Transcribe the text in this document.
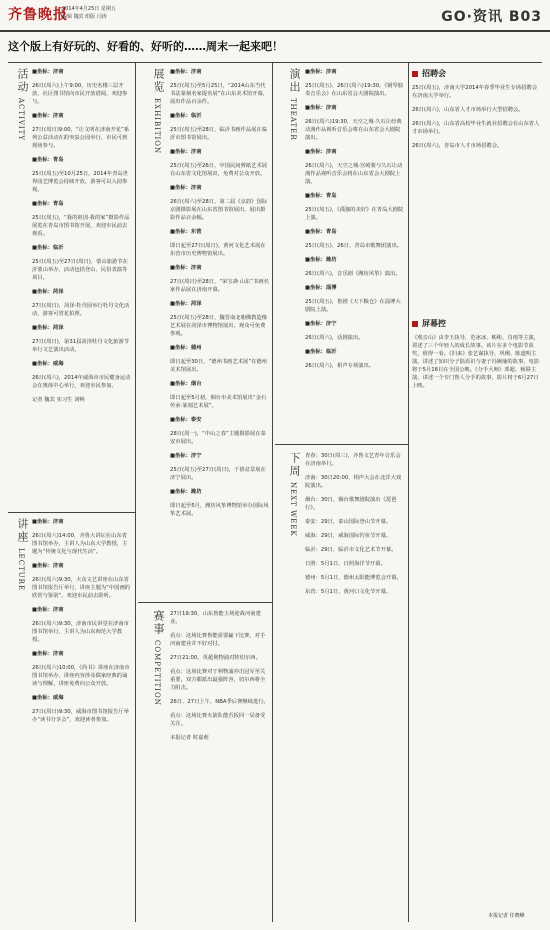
齐鲁晚报
2014年4月25日 星期五
编辑 魏宾 组版 闫涛	GO·资讯 B03
这个版上有好玩的、好看的、好听的……周末一起来吧！
活动
ACTIVITY

■坐标：济南

26日(周六)上午9:00，历史名楼三层开放，社区图书馆向市民开放借阅，欢迎参与。

■坐标：济南

27日(周日)9:00，“让文明在济南开花”系列公益活动在趵突泉公园举行，市民可到现场参与。

■坐标：青岛

25日(周五)至10月25日，2014年青岛世界园艺博览会持续开放，游客可以入园参观。

■坐标：青岛

25日(周五)，“我的祖国·我的家”摄影作品展览在青岛市图书馆开展，欢迎市民前去观看。

■坐标：临沂

25日(周五)至27日(周日)，蒙山旅游节在沂蒙山举办，活动包括登山、民俗表演等项目。

■坐标：菏泽

27日(周日)，菏泽·牡丹园举行牡丹文化活动，游客可赏花拍照。

■坐标：菏泽

27日(周日)，第31届菏泽牡丹文化旅游节举行文艺演出活动。

■坐标：威海

26日(周六)，2014年威海市市民健身运动会在奥体中心举行，欢迎市民参加。

记者 魏宾 实习生 刘畅

讲座
LECTURE

■坐标：济南

26日(周六)14:00，齐鲁大讲坛在山东省图书馆举办，主讲人为山东大学教授，主题为“传统文化与现代生活”。

■坐标：济南

26日(周六)9:30，大众文艺讲座在山东省图书馆报告厅举行，讲座主题为“中国画的欣赏与鉴别”，欢迎市民前去聆听。

■坐标：济南

26日(周六)9:30，济南市民讲堂在济南市图书馆举行，主讲人为山东师范大学教授。

■坐标：济南

26日(周六)10:00，《尚书》讲座在济南市图书馆举办，讲座内容涉及儒家经典的诵读与理解，讲座免费向公众开放。

■坐标：威海

27日(周日)9:30，威海市图书馆报告厅举办“读书分享会”，欢迎读者参加。

展览
EXHIBITION

■坐标：济南

25日(周五)至5月25日，“2014山东当代书法篆刻名家提名展”在山东美术馆开幕，展出作品百余件。

■坐标：临沂

25日(周五)至28日，临沂书画作品展在临沂市图书馆展出。

■坐标：济南

25日(周五)至26日，中国民间剪纸艺术展在山东省文化馆展出，免费对公众开放。

■坐标：济南

26日(周六)至28日，第二届《京韵》国际京剧摄影展在山东省图书馆展出，展出摄影作品百余幅。

■坐标：东营

即日起至27日(周日)，黄河文化艺术展在东营市历史博物馆展出。

■坐标：济南

27日(周日)至28日，“荣宝斋·山东”书画名家作品展在济南开幕。

■坐标：菏泽

25日(周五)至28日，魏晋南北朝佛教造像艺术展在菏泽市博物馆展出，观众可免费参观。

■坐标：德州

即日起至30日，“德州书画艺术展”在德州美术馆展出。

■坐标：烟台

即日起至5月初，烟台市美术馆展出“金石传承·篆刻艺术展”。

■坐标：泰安

28日(周一)，“中山之春”主题摄影展在泰安市展出。

■坐标：济宁

25日(周五)至27日(周日)，千禧盆景展在济宁展出。

■坐标：潍坊

即日起至5月，潍坊风筝博物馆举办国际风筝艺术展。

赛事
COMPETITION

27日19:30，山东鲁能主场迎战河南建业。

看点：这场比赛鲁能需要赢下比赛，对手河南建业并不好对付。

27日21:00，英超利物浦对阵切尔西。

看点：这场比赛对于利物浦冲击冠军至关重要，双方都派出最强阵容，切尔西将全力阻击。

26日、27日上午，NBA季后赛继续进行。

看点：这场比赛火箭队能否扳回一局备受关注。

本报记者 时嘉莉

演出
THEATER

■坐标：济南

25日(周五)、26日(周六)19:30，《钢琴独奏音乐会》在山东省会大剧院演出。

■坐标：济南

26日(周六)19:30，天空之城·久石让经典动漫作品视听音乐会将在山东省会大剧院演出。

■坐标：济南

26日(周六)，天空之城·宫崎骏与久石让动漫作品视听音乐会将在山东省会大剧院上演。

■坐标：青岛

25日(周五)，《孤独的美好》在青岛大剧院上演。

■坐标：青岛

25日(周五)、26日，青岛市歌舞团演出。

■坐标：潍坊

26日(周六)，音乐剧《潍坊风筝》演出。

■坐标：淄博

25日(周五)，鲁剧《天下粮仓》在淄博大剧院上演。

■坐标：济宁

26日(周六)，话剧演出。

■坐标：临沂

26日(周六)，相声专场演出。

下周
NEXT WEEK

青春：30日(周三)，齐鲁文艺青年音乐会在济南举行。

济南：30日20:00，相声大会在北洋大戏院演出。

烟台：30日，烟台歌舞剧院演出《琵琶行》。

泰安：29日，泰山国际登山节开幕。

威海：29日，威海国际钓鱼节开幕。

临沂：29日，临沂市文化艺术节开幕。

日照：5月1日，日照海洋节开幕。

德州：5月1日，德州太阳能博览会开幕。

东营：5月1日，黄河口文化节开幕。

招聘会

25日(周五)，济南大学2014年春季毕业生专场招聘会在济南大学举行。

26日(周六)，山东省人才市场举行大型招聘会。

26日(周六)，山东省高校毕业生就业招聘会在山东省人才市场举行。

26日(周六)，青岛市人才市场招聘会。

屏幕控

《观音山》由李玉执导，范冰冰、彬彬、肖雨等主演，讲述了三个年轻人的成长故事。该片在多个电影节获奖，值得一看。《归来》张艺谋执导，巩俐、陈道明主演，讲述了知识分子陆焉识与妻子冯婉瑜的故事，电影将于5月16日在全国公映。《分手大师》邓超、杨幂主演，讲述一个专门帮人分手的故事，影片将于6月27日上映。

本报记者 任晓峰
